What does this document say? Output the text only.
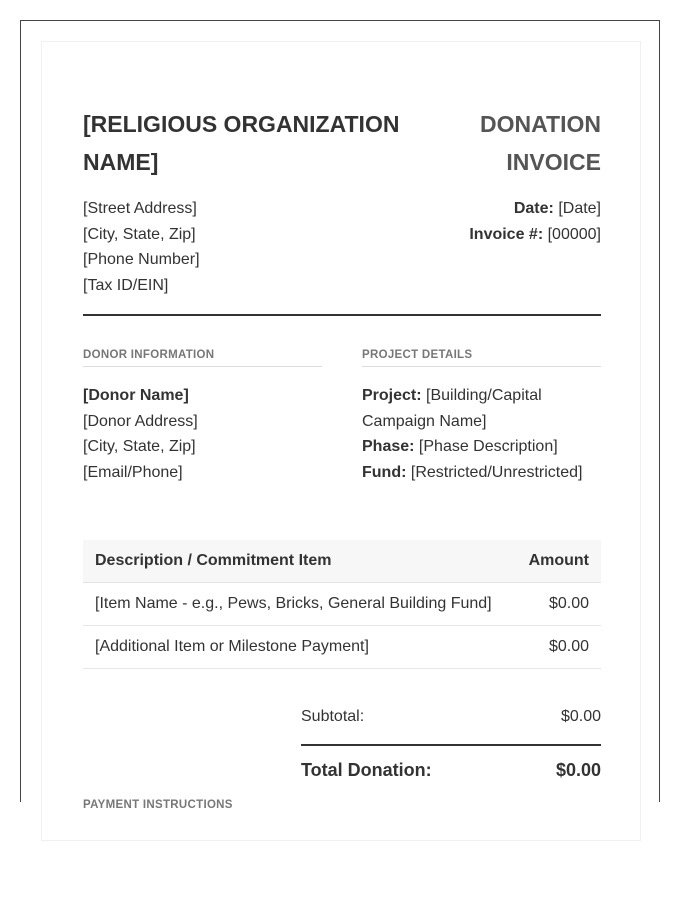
[RELIGIOUS ORGANIZATION NAME]
DONATION INVOICE
[Street Address]
[City, State, Zip]
[Phone Number]
[Tax ID/EIN]
Date: [Date]
Invoice #: [00000]
DONOR INFORMATION
[Donor Name]
[Donor Address]
[City, State, Zip]
[Email/Phone]
PROJECT DETAILS
Project: [Building/Capital Campaign Name]
Phase: [Phase Description]
Fund: [Restricted/Unrestricted]
Description / Commitment Item	Amount
[Item Name - e.g., Pews, Bricks, General Building Fund]	$0.00
[Additional Item or Milestone Payment]	$0.00
Subtotal:	$0.00
Total Donation:	$0.00
PAYMENT INSTRUCTIONS
